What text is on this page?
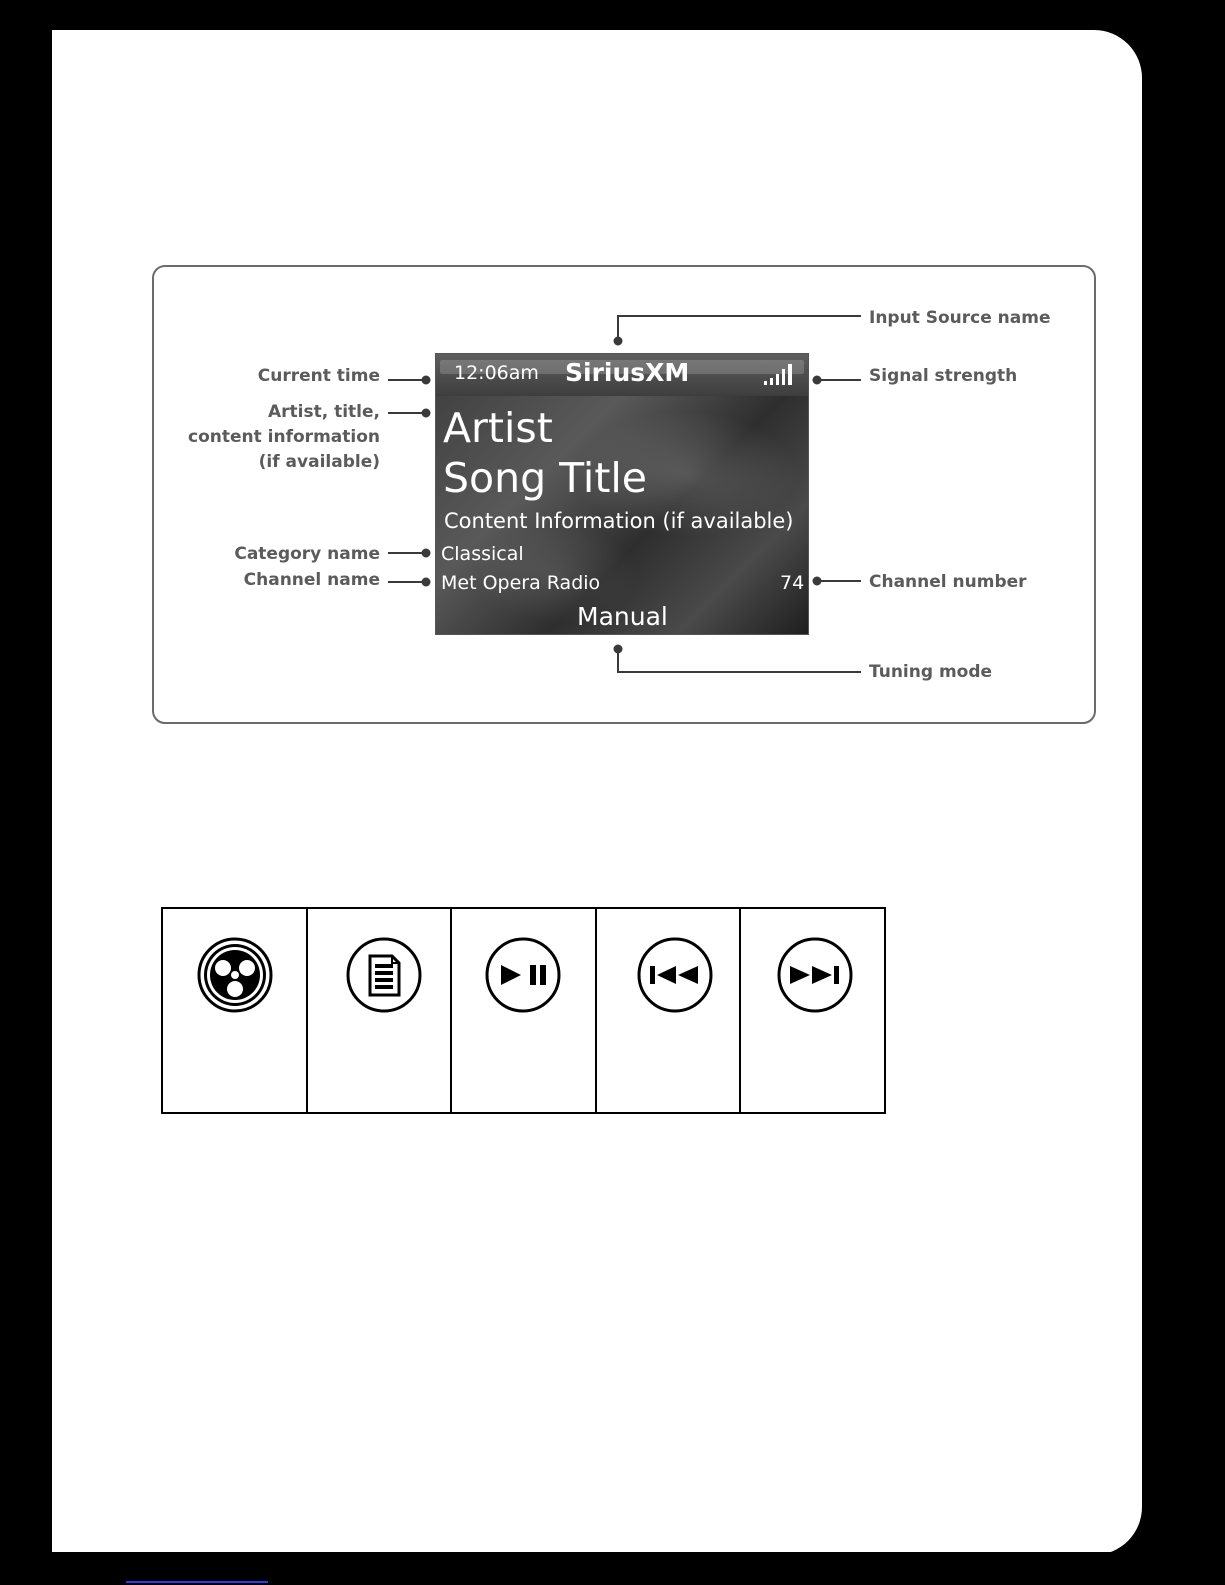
12:06am SiriusXM
Artist
Song Title
Content Information (if available)
Classical
Met Opera Radio	74
Manual
Input Source name
Current time	Signal strength
Artist, title,
content information
(if available)
Category name
Channel name	Channel number
Tuning mode
